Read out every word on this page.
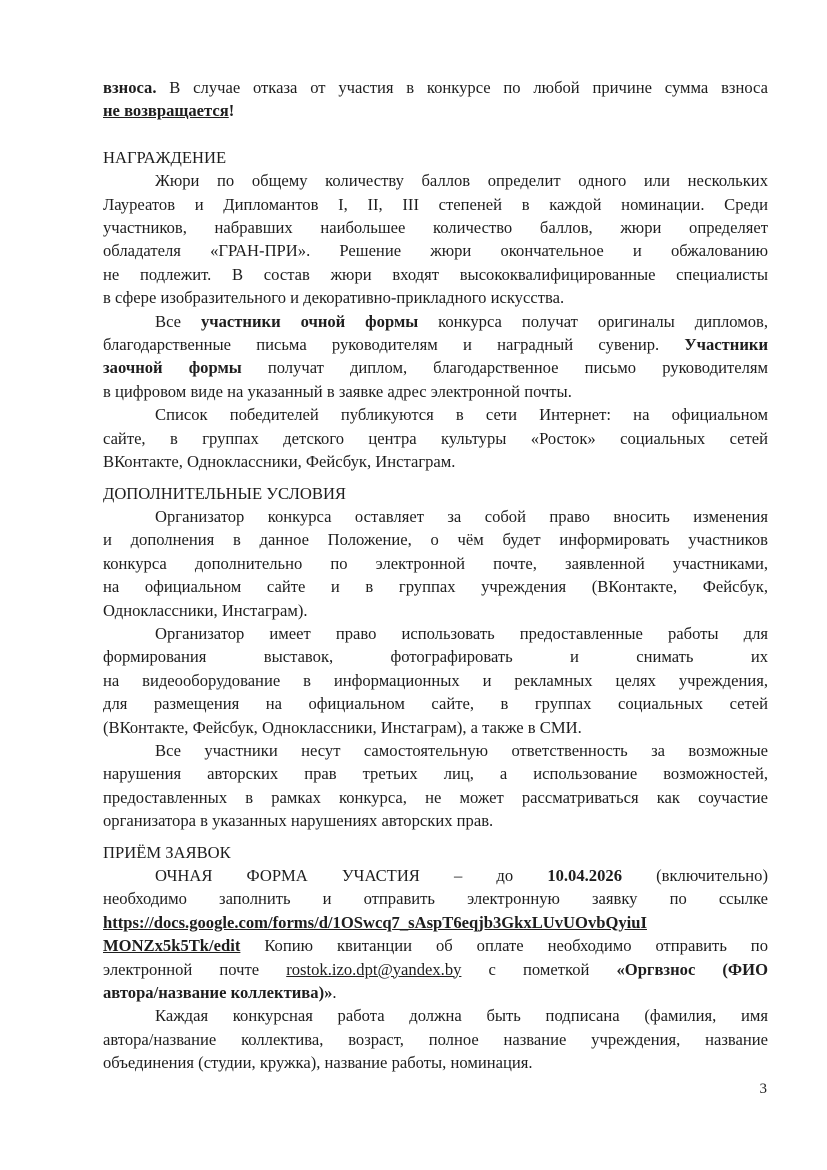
взноса. В случае отказа от участия в конкурсе по любой причине сумма взноса
не возвращается!
НАГРАЖДЕНИЕ
Жюри по общему количеству баллов определит одного или нескольких
Лауреатов и Дипломантов I, II, III степеней в каждой номинации. Среди
участников, набравших наибольшее количество баллов, жюри определяет
обладателя «ГРАН-ПРИ». Решение жюри окончательное и обжалованию
не подлежит. В состав жюри входят высококвалифицированные специалисты
в сфере изобразительного и декоративно-прикладного искусства.
Все участники очной формы конкурса получат оригиналы дипломов,
благодарственные письма руководителям и наградный сувенир. Участники
заочной формы получат диплом, благодарственное письмо руководителям
в цифровом виде на указанный в заявке адрес электронной почты.
Список победителей публикуются в сети Интернет: на официальном
сайте, в группах детского центра культуры «Росток» социальных сетей
ВКонтакте, Одноклассники, Фейсбук, Инстаграм.
ДОПОЛНИТЕЛЬНЫЕ УСЛОВИЯ
Организатор конкурса оставляет за собой право вносить изменения
и дополнения в данное Положение, о чём будет информировать участников
конкурса дополнительно по электронной почте, заявленной участниками,
на официальном сайте и в группах учреждения (ВКонтакте, Фейсбук,
Одноклассники, Инстаграм).
Организатор имеет право использовать предоставленные работы для
формирования выставок, фотографировать и снимать их
на видеооборудование в информационных и рекламных целях учреждения,
для размещения на официальном сайте, в группах социальных сетей
(ВКонтакте, Фейсбук, Одноклассники, Инстаграм), а также в СМИ.
Все участники несут самостоятельную ответственность за возможные
нарушения авторских прав третьих лиц, а использование возможностей,
предоставленных в рамках конкурса, не может рассматриваться как соучастие
организатора в указанных нарушениях авторских прав.
ПРИЁМ ЗАЯВОК
ОЧНАЯ ФОРМА УЧАСТИЯ – до 10.04.2026 (включительно)
необходимо заполнить и отправить электронную заявку по ссылке
https://docs.google.com/forms/d/1OSwcq7_sAspT6eqjb3GkxLUvUOvbQyiuI
MONZx5k5Tk/edit Копию квитанции об оплате необходимо отправить по
электронной почте rostok.izo.dpt@yandex.by с пометкой «Оргвзнос (ФИО
автора/название коллектива)».
Каждая конкурсная работа должна быть подписана (фамилия, имя
автора/название коллектива, возраст, полное название учреждения, название
объединения (студии, кружка), название работы, номинация.
3
